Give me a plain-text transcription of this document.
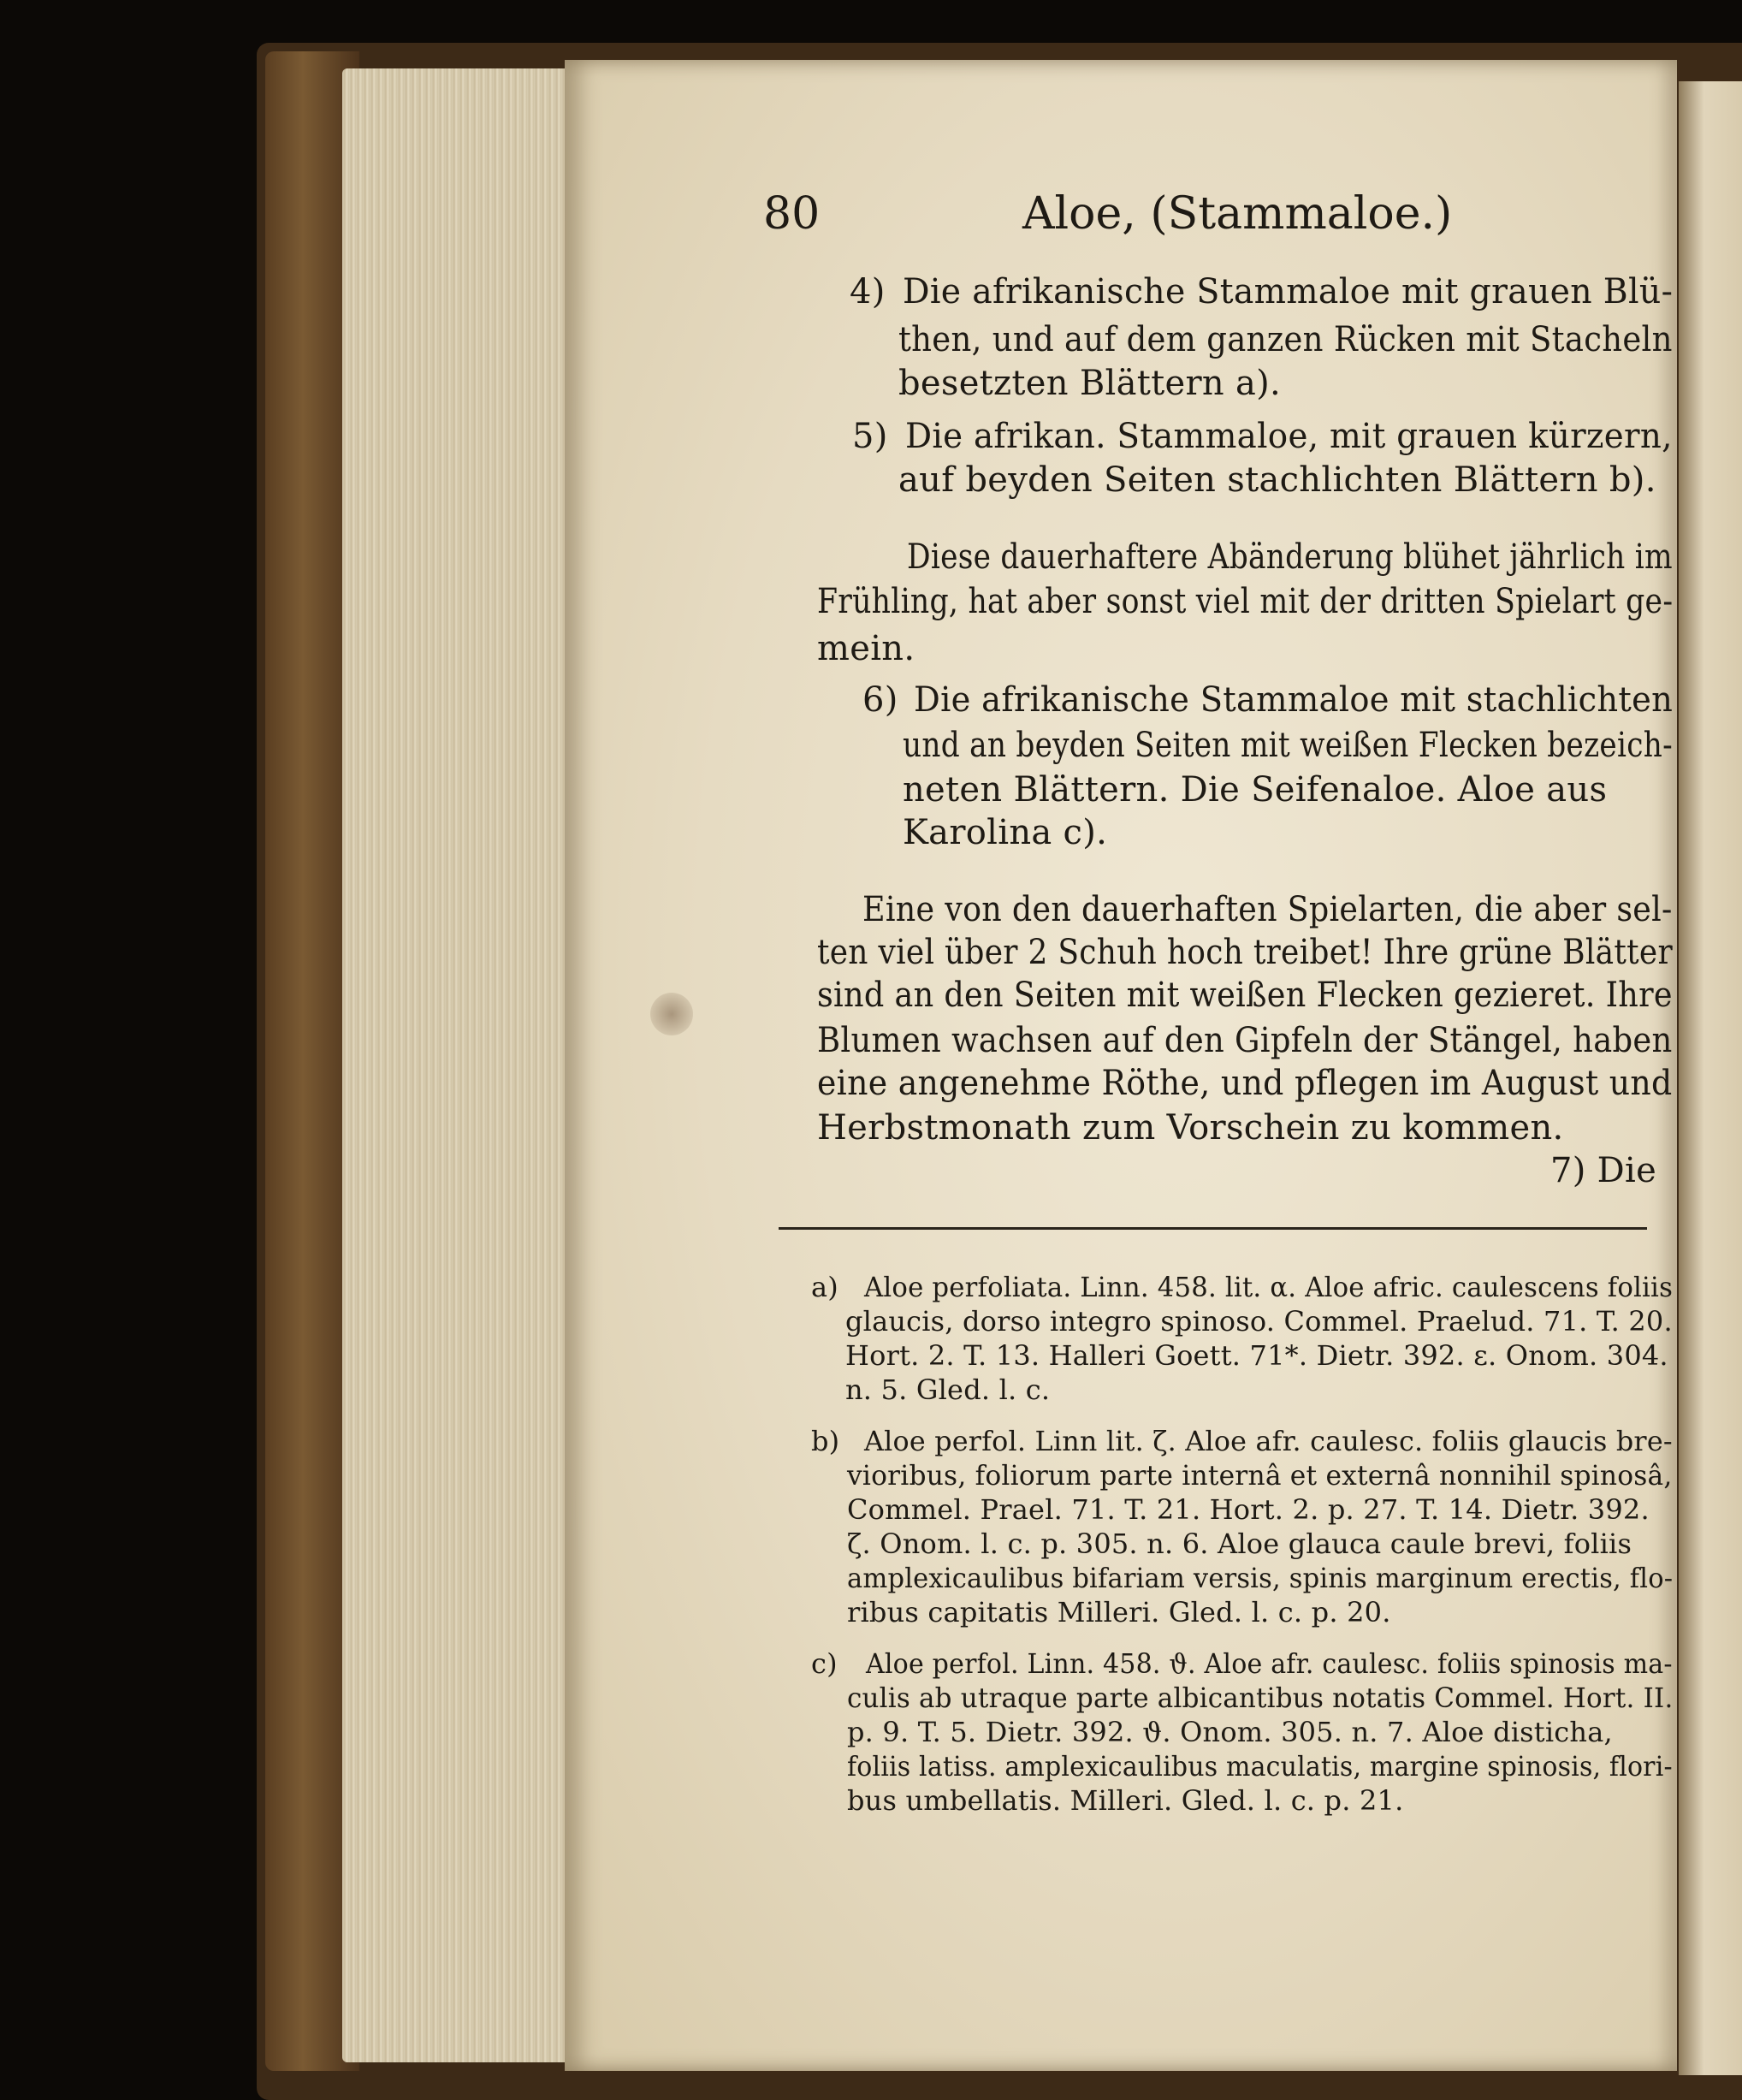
80	Aloe, (Stammaloe.)
4) Die afrikanische Stammaloe mit grauen Blü-
then, und auf dem ganzen Rücken mit Stacheln
besetzten Blättern a).
5) Die afrikan. Stammaloe, mit grauen kürzern,
auf beyden Seiten stachlichten Blättern b).
Diese dauerhaftere Abänderung blühet jährlich im
Frühling, hat aber sonst viel mit der dritten Spielart ge-
mein.
6) Die afrikanische Stammaloe mit stachlichten
und an beyden Seiten mit weißen Flecken bezeich-
neten Blättern. Die Seifenaloe. Aloe aus
Karolina c).
Eine von den dauerhaften Spielarten, die aber sel-
ten viel über 2 Schuh hoch treibet! Ihre grüne Blätter
sind an den Seiten mit weißen Flecken gezieret. Ihre
Blumen wachsen auf den Gipfeln der Stängel, haben
eine angenehme Röthe, und pflegen im August und
Herbstmonath zum Vorschein zu kommen.
7) Die
a) Aloe perfoliata. Linn. 458. lit. α. Aloe afric. caulescens foliis
glaucis, dorso integro spinoso. Commel. Praelud. 71. T. 20.
Hort. 2. T. 13. Halleri Goett. 71*. Dietr. 392. ε. Onom. 304.
n. 5. Gled. l. c.
b) Aloe perfol. Linn lit. ζ. Aloe afr. caulesc. foliis glaucis bre-
vioribus, foliorum parte internâ et externâ nonnihil spinosâ,
Commel. Prael. 71. T. 21. Hort. 2. p. 27. T. 14. Dietr. 392.
ζ. Onom. l. c. p. 305. n. 6. Aloe glauca caule brevi, foliis
amplexicaulibus bifariam versis, spinis marginum erectis, flo-
ribus capitatis Milleri. Gled. l. c. p. 20.
c) Aloe perfol. Linn. 458. ϑ. Aloe afr. caulesc. foliis spinosis ma-
culis ab utraque parte albicantibus notatis Commel. Hort. II.
p. 9. T. 5. Dietr. 392. ϑ. Onom. 305. n. 7. Aloe disticha,
foliis latiss. amplexicaulibus maculatis, margine spinosis, flori-
bus umbellatis. Milleri. Gled. l. c. p. 21.
